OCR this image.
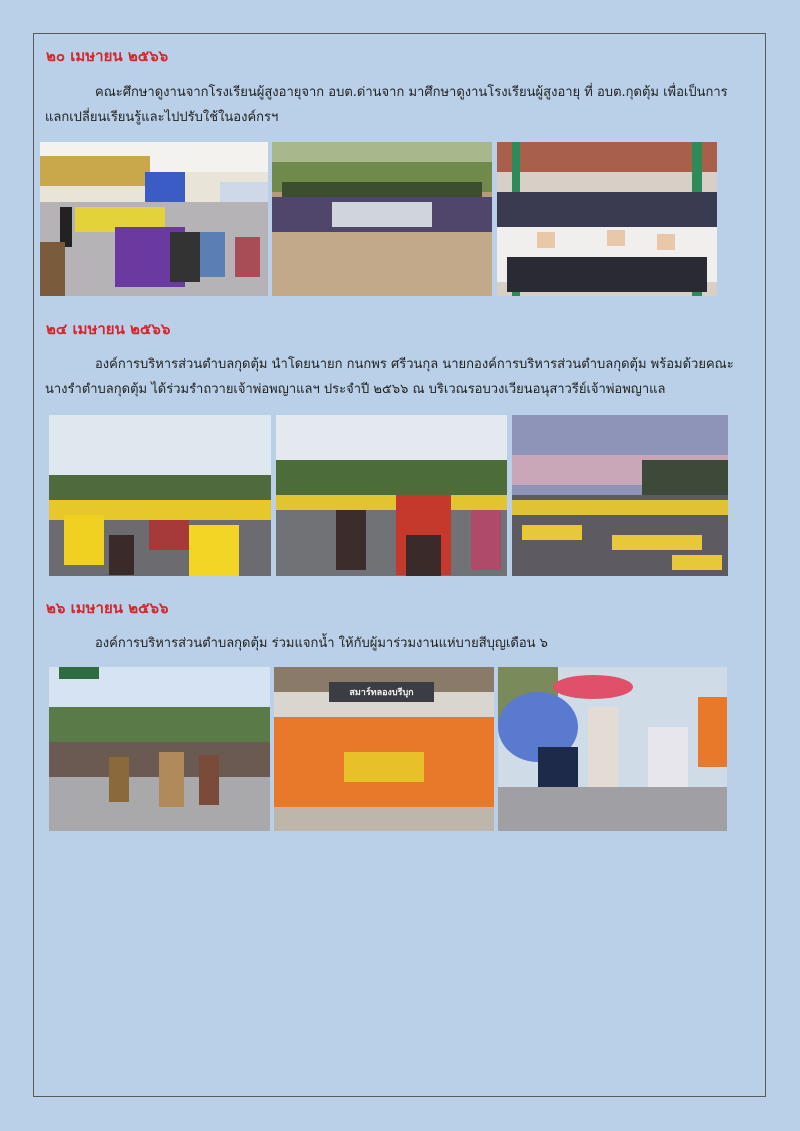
๒๐ เมษายน ๒๕๖๖
คณะศึกษาดูงานจากโรงเรียนผู้สูงอายุจาก อบต.ด่านจาก มาศึกษาดูงานโรงเรียนผู้สูงอายุ ที่ อบต.กุดตุ้ม เพื่อเป็นการแลกเปลี่ยนเรียนรู้และไปปรับใช้ในองค์กรฯ
๒๔ เมษายน ๒๕๖๖
องค์การบริหารส่วนตำบลกุดตุ้ม นำโดยนายก กนกพร ศรีวนกุล นายกองค์การบริหารส่วนตำบลกุดตุ้ม พร้อมด้วยคณะนางรำตำบลกุดตุ้ม ได้ร่วมรำถวายเจ้าพ่อพญาแลฯ ประจำปี ๒๕๖๖ ณ บริเวณรอบวงเวียนอนุสาวรีย์เจ้าพ่อพญาแล
๒๖ เมษายน ๒๕๖๖
องค์การบริหารส่วนตำบลกุดตุ้ม ร่วมแจกน้ำ ให้กับผู้มาร่วมงานแห่บายสีบุญเดือน ๖
สมาร์ทลองบรีบุก
